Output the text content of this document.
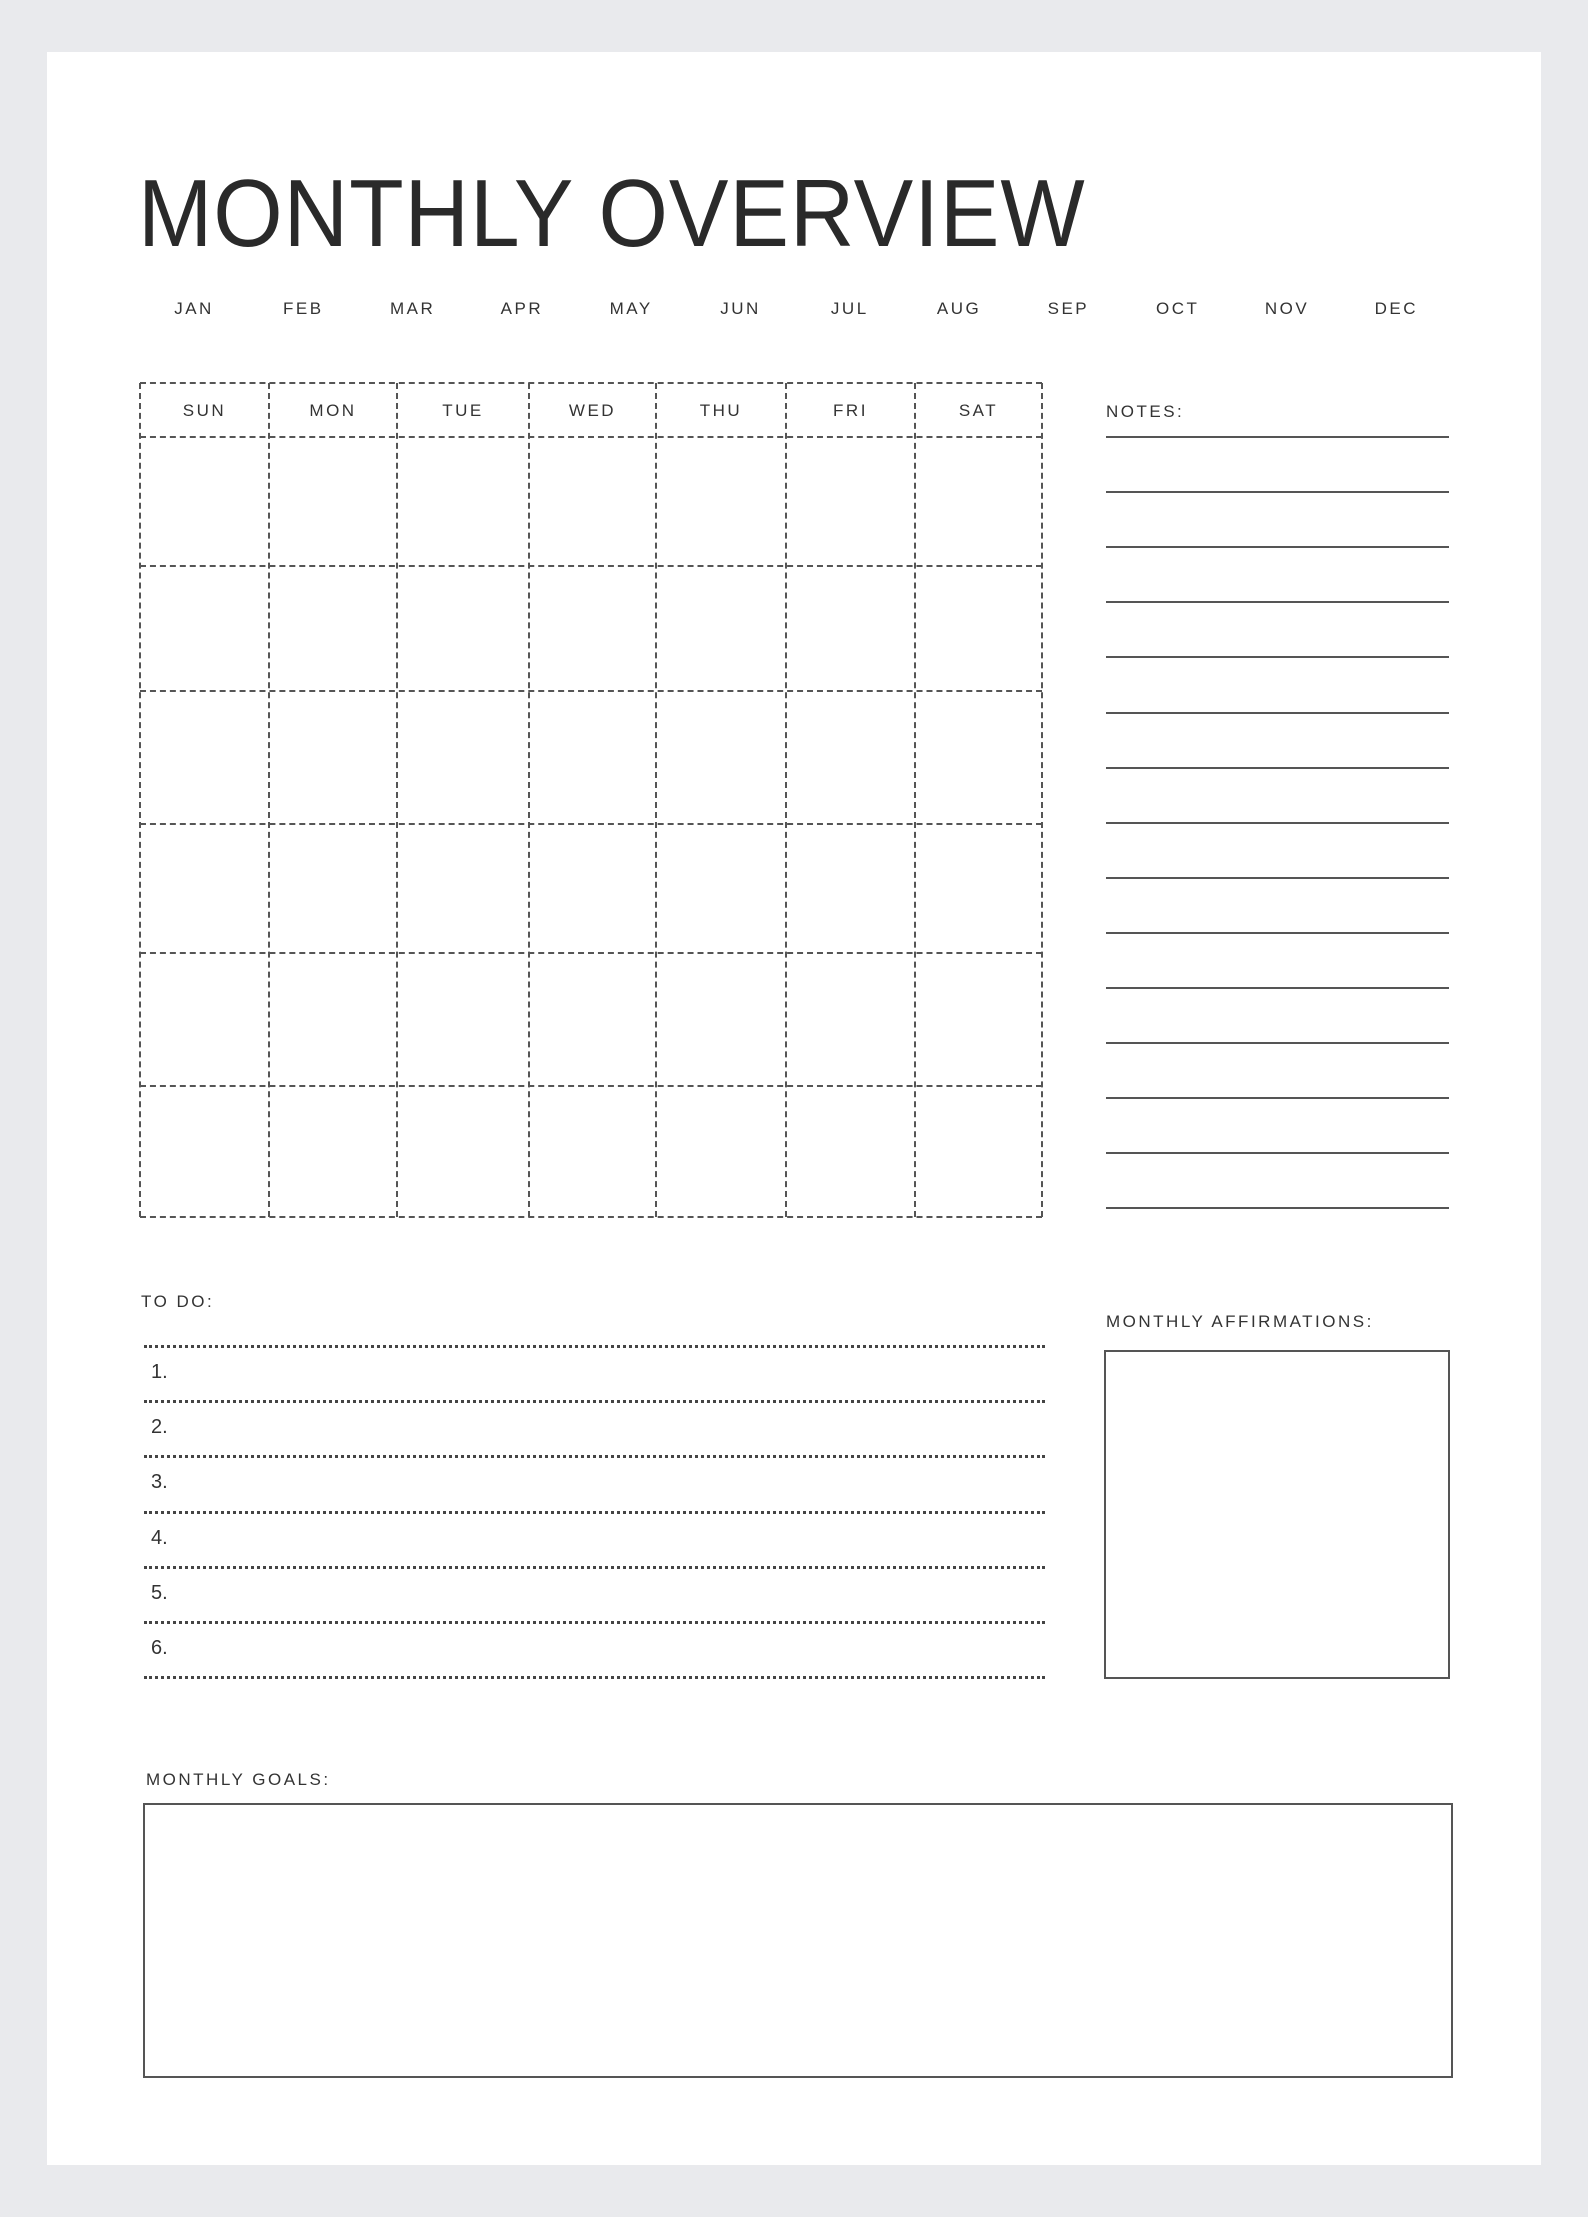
MONTHLY OVERVIEW
JAN	FEB	MAR	APR	MAY	JUN	JUL	AUG	SEP	OCT	NOV	DEC
SUN	MON	TUE	WED	THU	FRI	SAT	NOTES:
TO DO:
1.
2.
3.
4.
5.
6.
MONTHLY AFFIRMATIONS:
MONTHLY GOALS:
